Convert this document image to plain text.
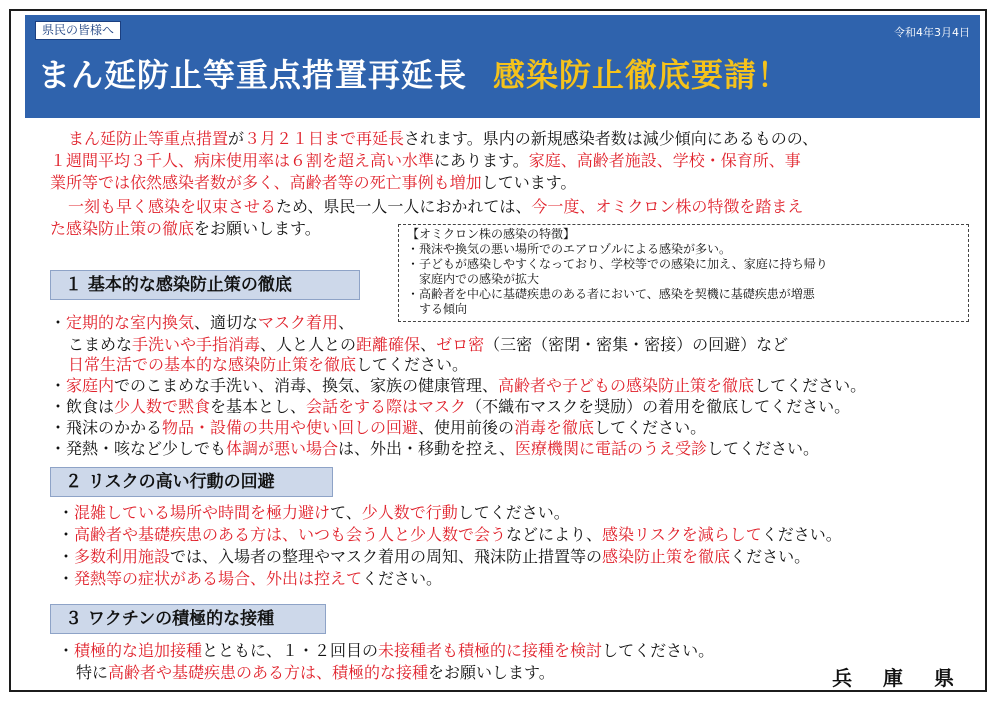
県民の皆様へ	令和4年3月4日
まん延防止等重点措置再延長 感染防止徹底要請！
まん延防止等重点措置が３月２１日まで再延長されます。県内の新規感染者数は減少傾向にあるものの、
１週間平均３千人、病床使用率は６割を超え高い水準にあります。家庭、高齢者施設、学校・保育所、事
業所等では依然感染者数が多く、高齢者等の死亡事例も増加しています。
一刻も早く感染を収束させるため、県民一人一人におかれては、今一度、オミクロン株の特徴を踏まえ
た感染防止策の徹底をお願いします。	【オミクロン株の感染の特徴】
・飛沫や換気の悪い場所でのエアロゾルによる感染が多い。
・子どもが感染しやすくなっており、学校等での感染に加え、家庭に持ち帰り
　家庭内での感染が拡大
・高齢者を中心に基礎疾患のある者において、感染を契機に基礎疾患が増悪
　する傾向
１ 基本的な感染防止策の徹底
・定期的な室内換気、適切なマスク着用、
こまめな手洗いや手指消毒、人と人との距離確保、ゼロ密（三密（密閉・密集・密接）の回避）など
日常生活での基本的な感染防止策を徹底してください。
・家庭内でのこまめな手洗い、消毒、換気、家族の健康管理、高齢者や子どもの感染防止策を徹底してください。
・飲食は少人数で黙食を基本とし、会話をする際はマスク（不織布マスクを奨励）の着用を徹底してください。
・飛沫のかかる物品・設備の共用や使い回しの回避、使用前後の消毒を徹底してください。
・発熱・咳など少しでも体調が悪い場合は、外出・移動を控え、医療機関に電話のうえ受診してください。
２ リスクの高い行動の回避
・混雑している場所や時間を極力避けて、少人数で行動してください。
・高齢者や基礎疾患のある方は、いつも会う人と少人数で会うなどにより、感染リスクを減らしてください。
・多数利用施設では、入場者の整理やマスク着用の周知、飛沫防止措置等の感染防止策を徹底ください。
・発熱等の症状がある場合、外出は控えてください。
３ ワクチンの積極的な接種
・積極的な追加接種とともに、１・２回目の未接種者も積極的に接種を検討してください。
特に高齢者や基礎疾患のある方は、積極的な接種をお願いします。	兵 庫 県
